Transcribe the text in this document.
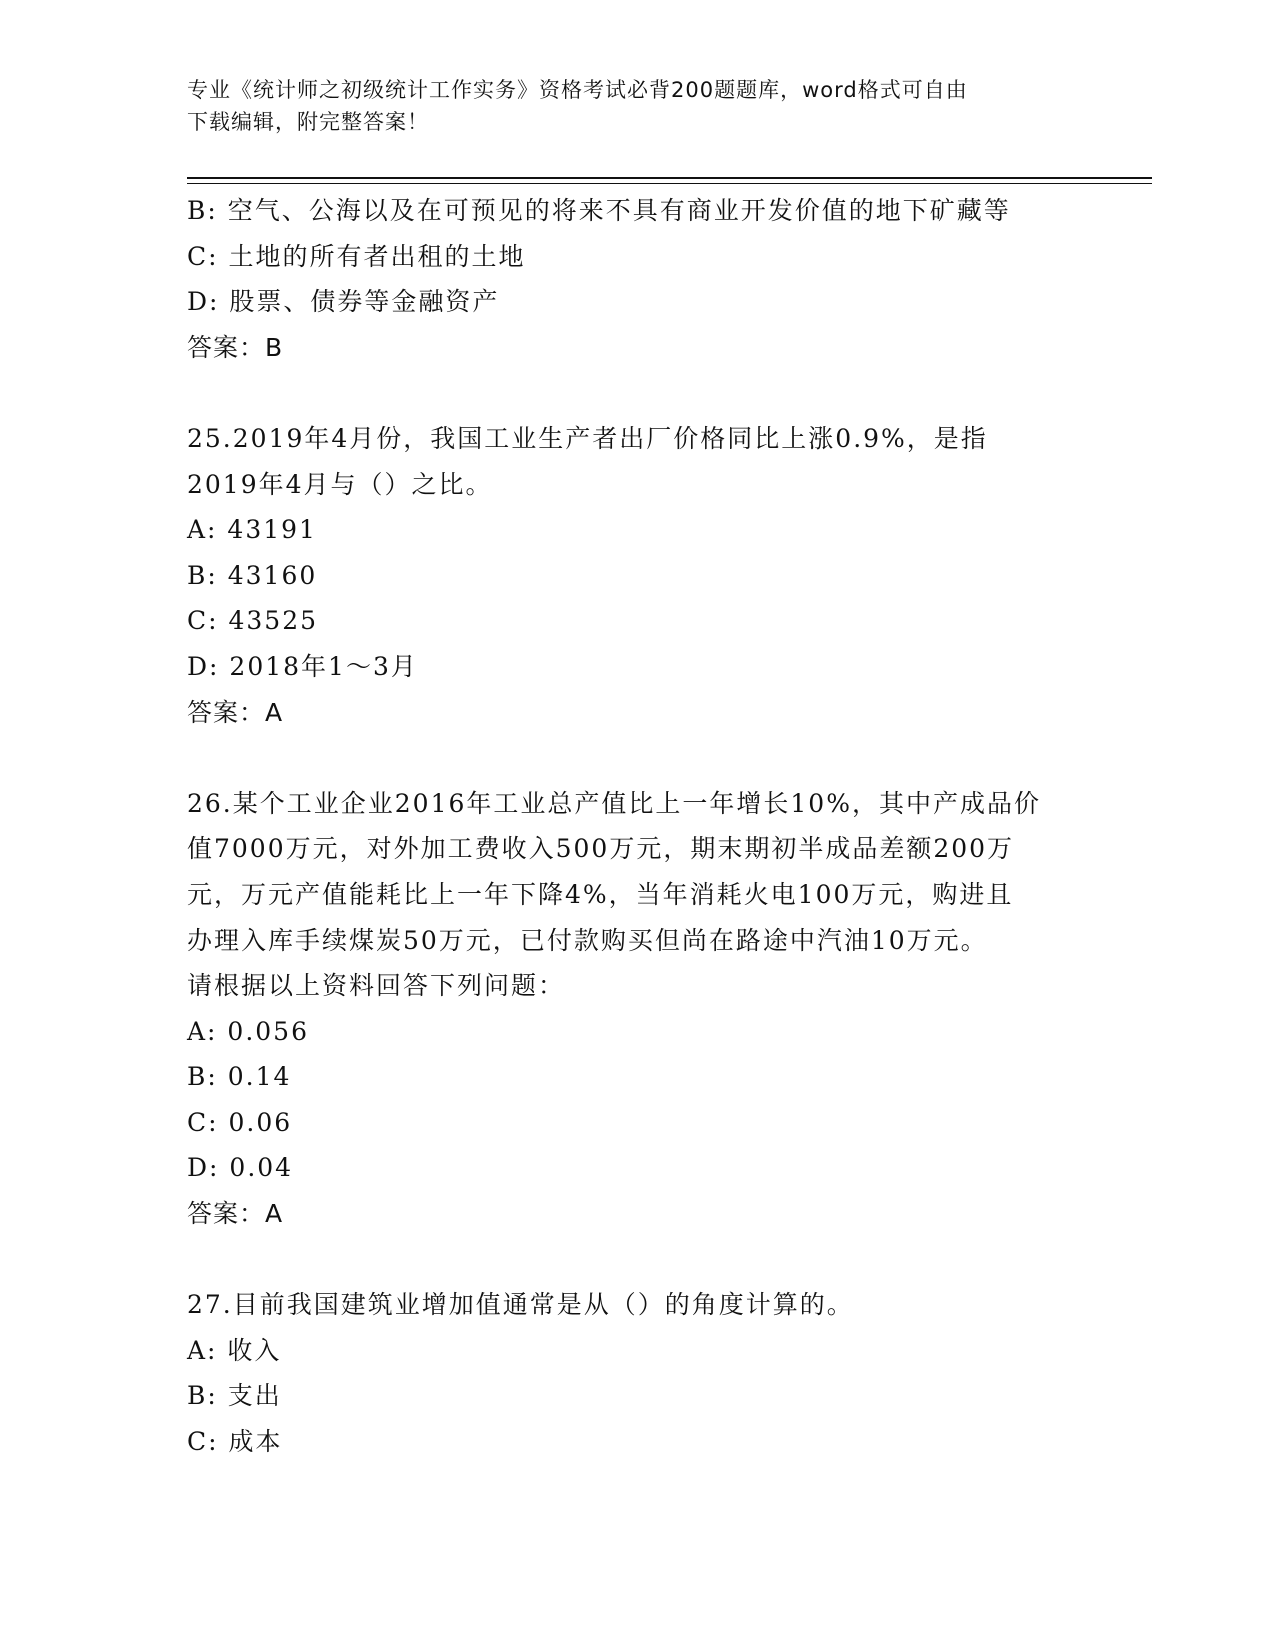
专业《统计师之初级统计工作实务》资格考试必背200题题库，word格式可自由
下载编辑，附完整答案！
B: 空气、公海以及在可预见的将来不具有商业开发价值的地下矿藏等
C: 土地的所有者出租的土地
D: 股票、债券等金融资产
答案：B
25.2019年4月份，我国工业生产者出厂价格同比上涨0.9%，是指
2019年4月与（）之比。
A: 43191
B: 43160
C: 43525
D: 2018年1～3月
答案：A
26.某个工业企业2016年工业总产值比上一年增长10%，其中产成品价
值7000万元，对外加工费收入500万元，期末期初半成品差额200万
元，万元产值能耗比上一年下降4%，当年消耗火电100万元，购进且
办理入库手续煤炭50万元，已付款购买但尚在路途中汽油10万元。
请根据以上资料回答下列问题：
A: 0.056
B: 0.14
C: 0.06
D: 0.04
答案：A
27.目前我国建筑业增加值通常是从（）的角度计算的。
A: 收入
B: 支出
C: 成本
